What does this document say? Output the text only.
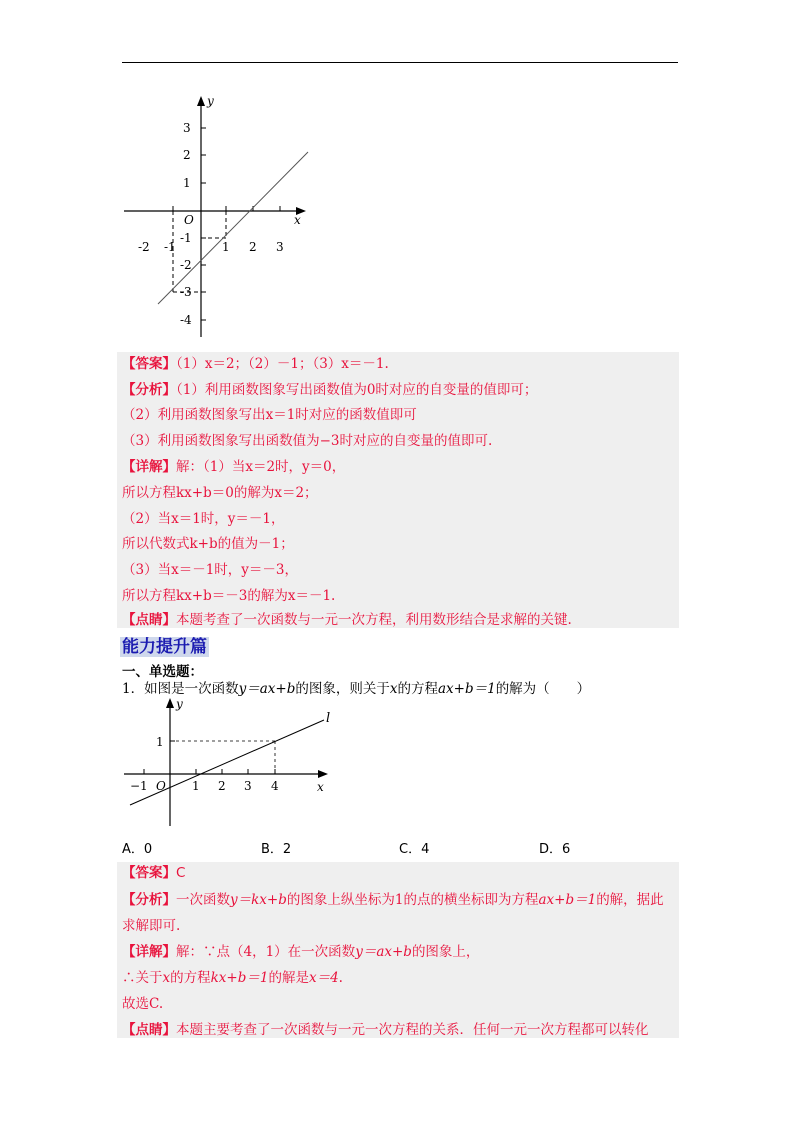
y
x
O
3
2
1
-1
-2
-3
-4
-2 -1	1 2 3
【答案】（1）x＝2；（2）－1；（3）x＝－1.
【分析】（1）利用函数图象写出函数值为0时对应的自变量的值即可；
（2）利用函数图象写出x＝1时对应的函数值即可
（3）利用函数图象写出函数值为−3时对应的自变量的值即可.
【详解】解：（1）当x＝2时，y＝0，
所以方程kx+b＝0的解为x＝2；
（2）当x＝1时，y＝－1，
所以代数式k+b的值为－1；
（3）当x＝－1时，y＝－3，
所以方程kx+b＝－3的解为x＝－1.
【点睛】本题考查了一次函数与一元一次方程，利用数形结合是求解的关键.
能力提升篇
一、单选题：
1．如图是一次函数y＝ax+b的图象，则关于x的方程ax+b＝1的解为（　　）
y
x
l
O
1
−1	1 2 3 4
A．0	B．2	C．4	D．6
【答案】C
【分析】一次函数y＝kx+b的图象上纵坐标为1的点的横坐标即为方程ax+b＝1的解，据此
求解即可.
【详解】解：∵点（4，1）在一次函数y＝ax+b的图象上，
∴关于x的方程kx+b＝1的解是x＝4.
故选C.
【点睛】本题主要考查了一次函数与一元一次方程的关系．任何一元一次方程都可以转化
